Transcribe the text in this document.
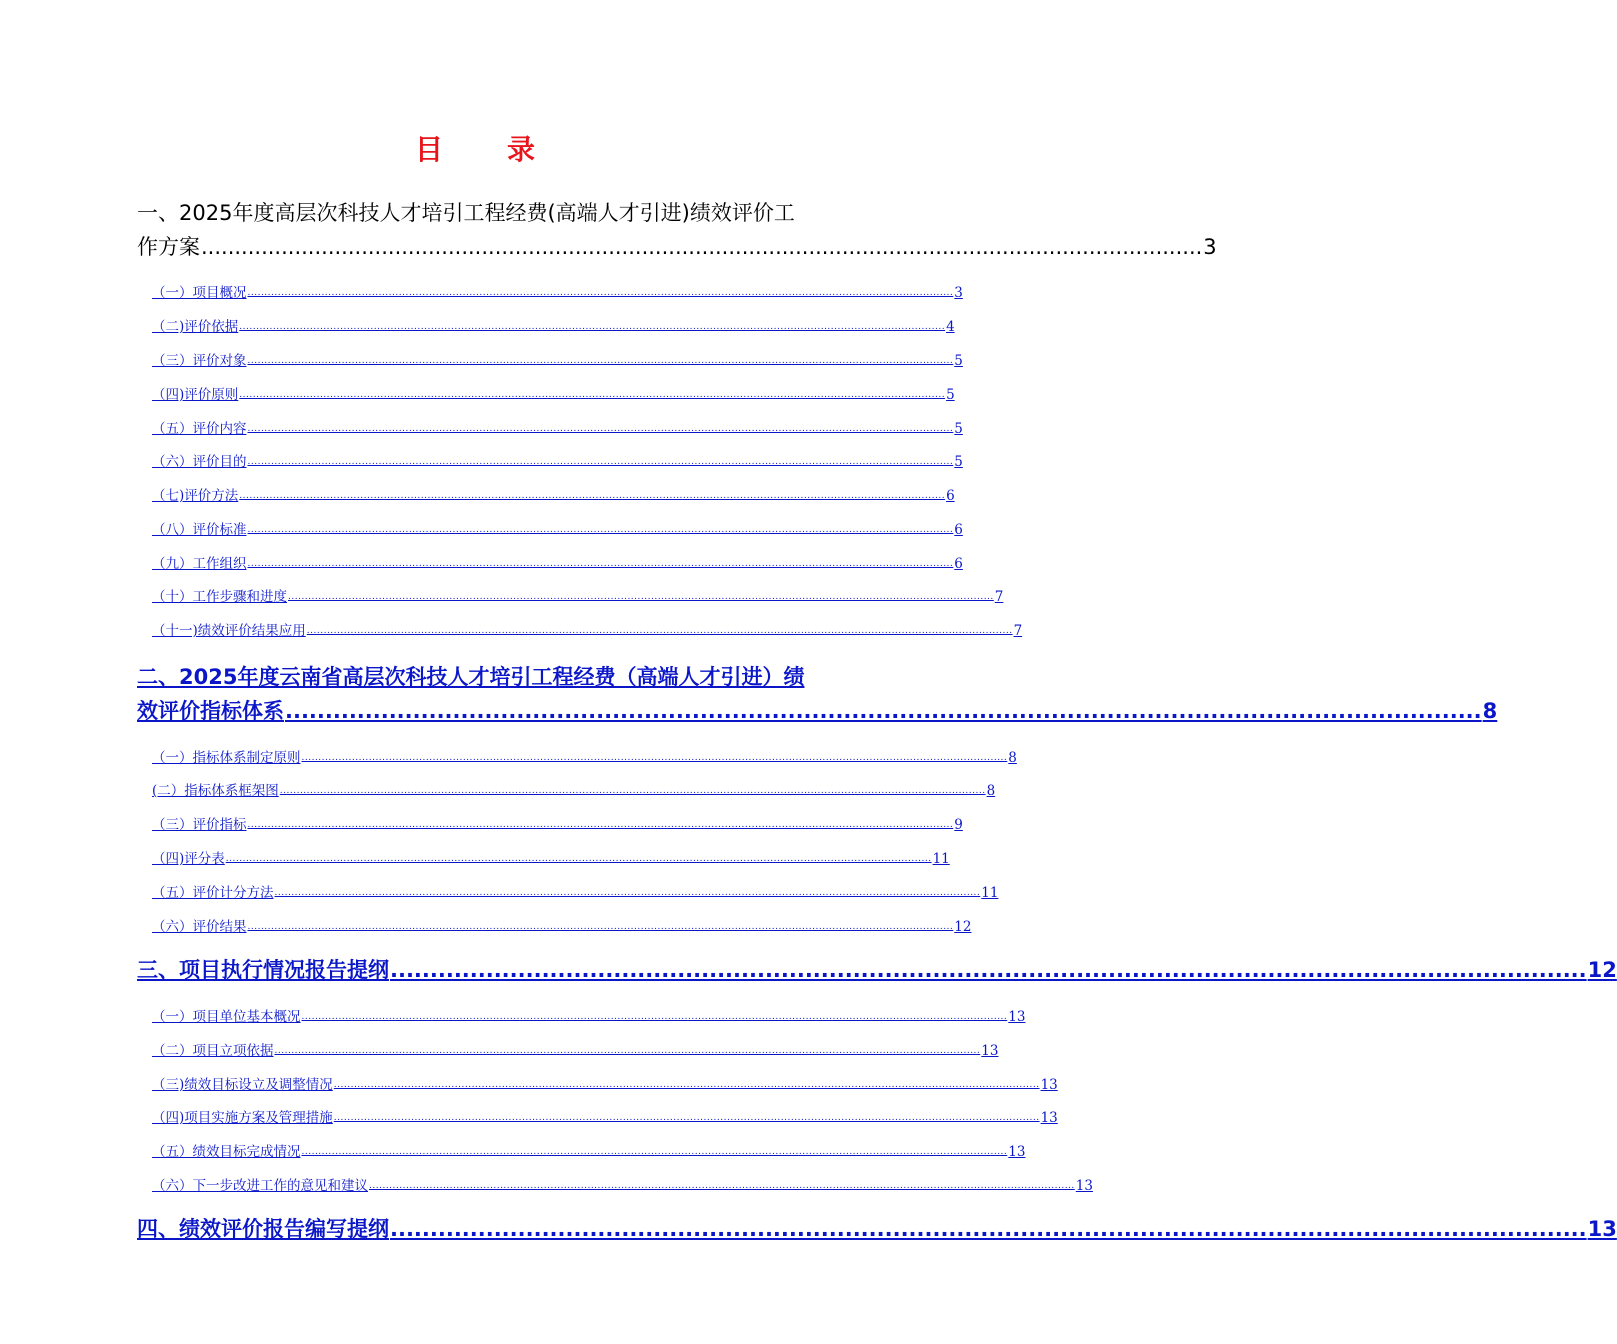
目　录
一、2025年度高层次科技人才培引工程经费(高端人才引进)绩效评价工
作方案 ...................................................................................................................................................... 3
（一）项目概况 .................................................................................................................................................................................................................. 3
（二)评价依据 .................................................................................................................................................................................................................. 4
（三）评价对象 .................................................................................................................................................................................................................. 5
（四)评价原则 .................................................................................................................................................................................................................. 5
（五）评价内容 .................................................................................................................................................................................................................. 5
（六）评价目的 .................................................................................................................................................................................................................. 5
（七)评价方法 .................................................................................................................................................................................................................. 6
（八）评价标准 .................................................................................................................................................................................................................. 6
（九）工作组织 .................................................................................................................................................................................................................. 6
（十）工作步骤和进度 .................................................................................................................................................................................................................. 7
（十一)绩效评价结果应用 .................................................................................................................................................................................................................. 7
二、2025年度云南省高层次科技人才培引工程经费（高端人才引进）绩
效评价指标体系 ...................................................................................................................................................... 8
（一）指标体系制定原则 .................................................................................................................................................................................................................. 8
(二）指标体系框架图 .................................................................................................................................................................................................................. 8
（三）评价指标 .................................................................................................................................................................................................................. 9
（四)评分表 .................................................................................................................................................................................................................. 11
（五）评价计分方法 .................................................................................................................................................................................................................. 11
（六）评价结果 .................................................................................................................................................................................................................. 12
三、项目执行情况报告提纲 ...................................................................................................................................................... 12
（一）项目单位基本概况 .................................................................................................................................................................................................................. 13
（二）项目立项依据 .................................................................................................................................................................................................................. 13
（三)绩效目标设立及调整情况 .................................................................................................................................................................................................................. 13
（四)项目实施方案及管理措施 .................................................................................................................................................................................................................. 13
（五）绩效目标完成情况 .................................................................................................................................................................................................................. 13
（六）下一步改进工作的意见和建议 .................................................................................................................................................................................................................. 13
四、绩效评价报告编写提纲 ...................................................................................................................................................... 13
